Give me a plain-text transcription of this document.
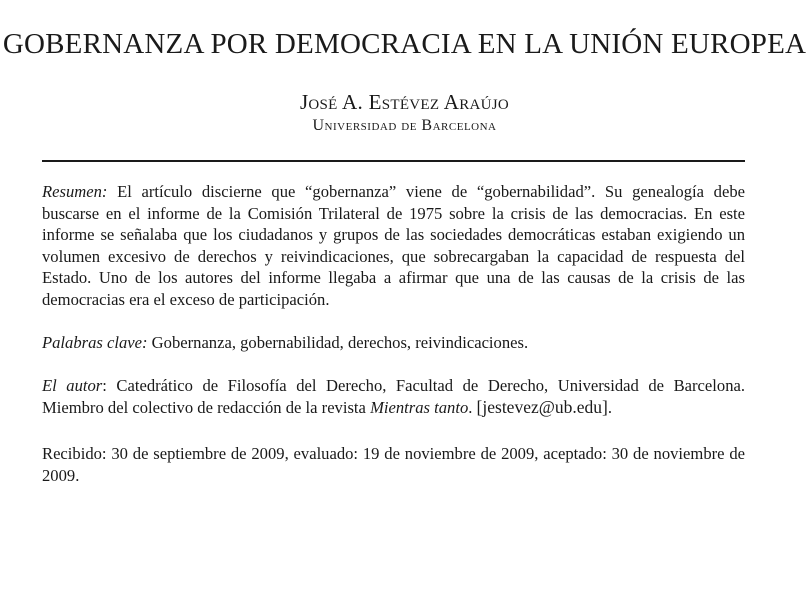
GOBERNANZA POR DEMOCRACIA EN LA UNIÓN EUROPEA
José A. Estévez Araújo
Universidad de Barcelona

Resumen: El artículo discierne que “gobernanza” viene de “gobernabilidad”. Su genealogía debe buscarse en el informe de la Comisión Trilateral de 1975 sobre la crisis de las democracias. En este informe se señalaba que los ciudadanos y grupos de las sociedades democráticas estaban exigiendo un volumen excesivo de derechos y reivindicaciones, que sobrecargaban la capacidad de respuesta del Estado. Uno de los autores del informe llegaba a afirmar que una de las causas de la crisis de las democracias era el exceso de participación.

Palabras clave: Gobernanza, gobernabilidad, derechos, reivindicaciones.

El autor: Catedrático de Filosofía del Derecho, Facultad de Derecho, Universidad de Barcelona. Miembro del colectivo de redacción de la revista Mientras tanto. [jestevez@ub.edu].

Recibido: 30 de septiembre de 2009, evaluado: 19 de noviembre de 2009, aceptado: 30 de noviembre de 2009.
